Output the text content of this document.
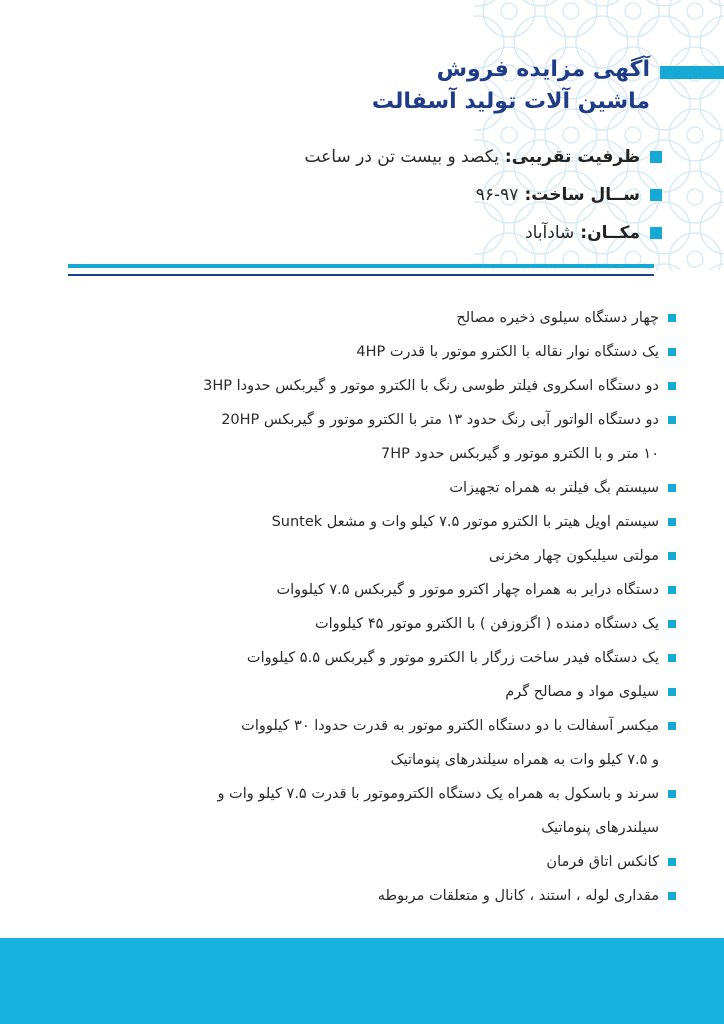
آگهی مزایده فروش
ماشین آلات تولید آسفالت
ظرفیت تقریبی:
یکصد و بیست تن در ساعت
ســال ساخت:
۹۶-۹۷
مکــان:
شادآباد
چهار دستگاه سیلوی ذخیره مصالح
یک دستگاه نوار نقاله با الکترو موتور با قدرت 4HP
دو دستگاه اسکروی فیلتر طوسی رنگ با الکترو موتور و گیربکس حدودا 3HP
دو دستگاه الواتور آبی رنگ حدود ۱۳ متر با الکترو موتور و گیربکس 20HP
۱۰ متر و با الکترو موتور و گیربکس حدود 7HP
سیستم بگ فیلتر به همراه تجهیزات
سیستم اویل هیتر با الکترو موتور ۷.۵ کیلو وات و مشعل Suntek
مولتی سیلیکون چهار مخزنی
دستگاه درایر به همراه چهار اکترو موتور و گیربکس ۷.۵ کیلووات
یک دستگاه دمنده ( اگزوزفن ) با الکترو موتور ۴۵ کیلووات
یک دستگاه فیدر ساخت زرگار با الکترو موتور و گیربکس ۵.۵ کیلووات
سیلوی مواد و مصالح گرم
میکسر آسفالت با دو دستگاه الکترو موتور به قدرت حدودا ۳۰ کیلووات
و ۷.۵ کیلو وات به همراه سیلندرهای پنوماتیک
سرند و باسکول به همراه یک دستگاه الکتروموتور با قدرت ۷.۵ کیلو وات و
سیلندرهای پنوماتیک
کانکس اتاق فرمان
مقداری لوله ، استند ، کانال و متعلقات مربوطه
